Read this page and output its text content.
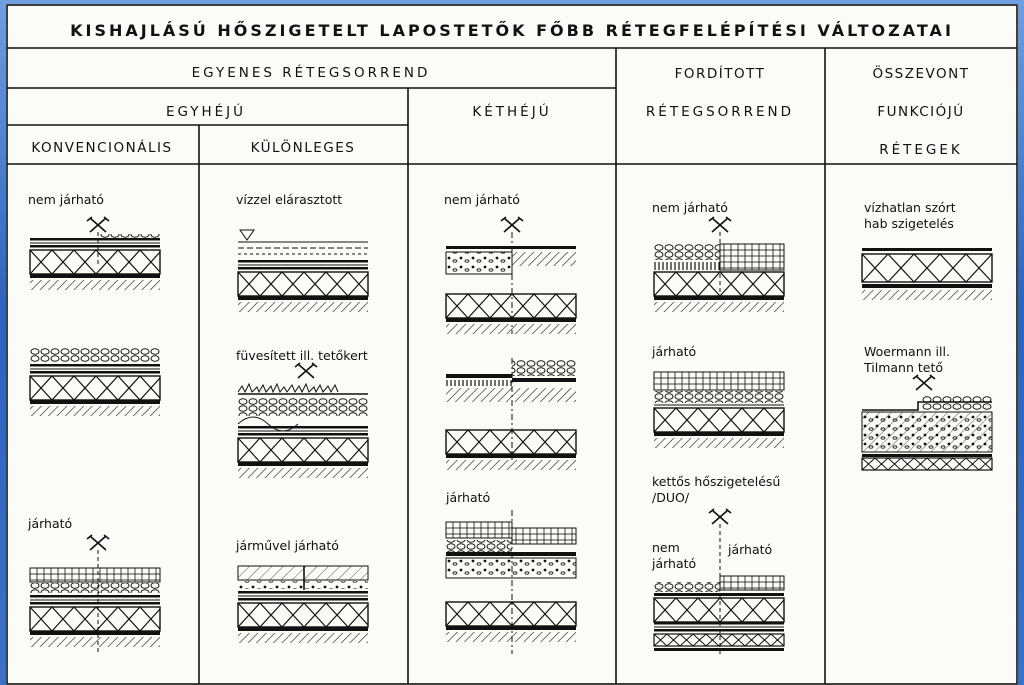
KISHAJLÁSÚ HŐSZIGETELT LAPOSTETŐK FŐBB RÉTEGFELÉPÍTÉSI VÁLTOZATAI
EGYENES RÉTEGSORREND
EGYHÉJÚ	KÉTHÉJÚ
KONVENCIONÁLIS	KÜLÖNLEGES
FORDÍTOTT
RÉTEGSORREND
ÖSSZEVONT
FUNKCIÓJÚ
RÉTEGEK
nem járható
járható
vízzel elárasztott
füvesített ill. tetőkert
járművel járható
nem járható
járható
nem járható
járható
kettős hőszigetelésű
/DUO/
nem
járható
járható
vízhatlan szórt
hab szigetelés
Woermann ill.
Tilmann tető
